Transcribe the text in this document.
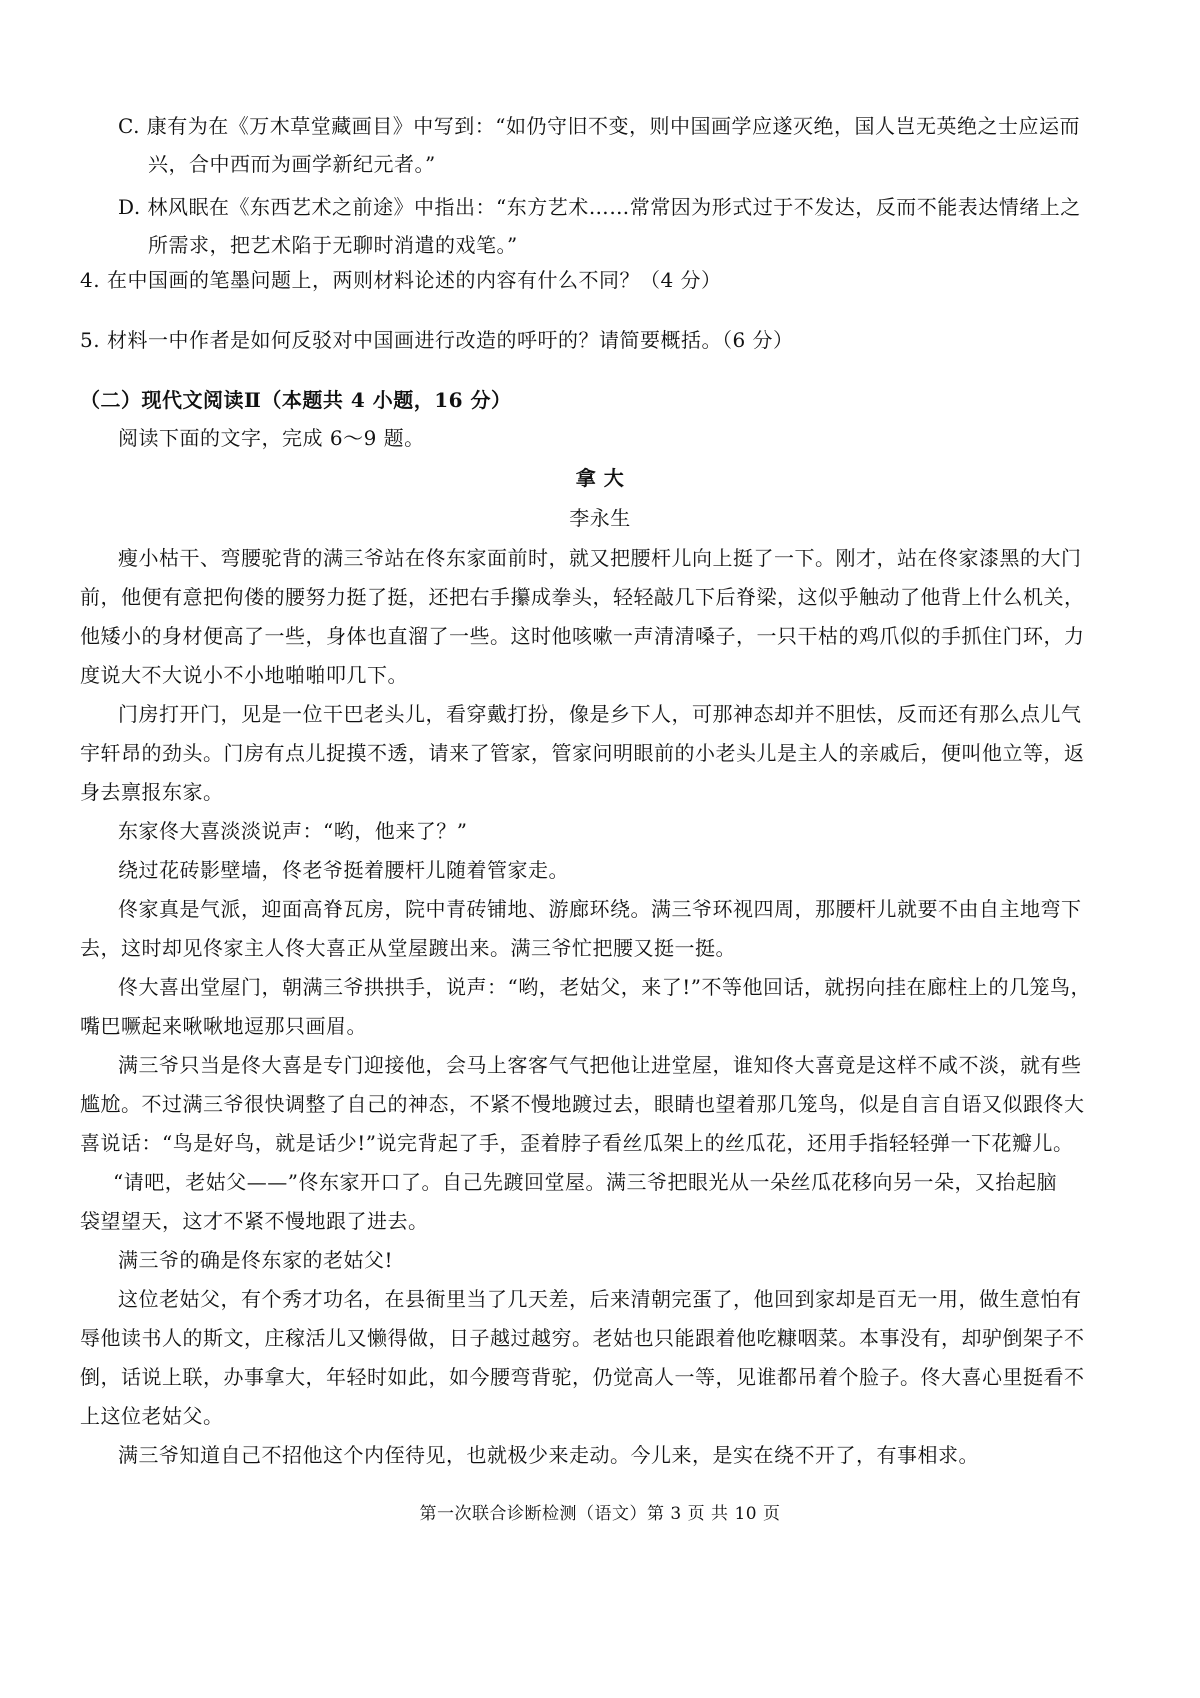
C. 康有为在《万木草堂藏画目》中写到：“如仍守旧不变，则中国画学应遂灭绝，国人岂无英绝之士应运而
兴，合中西而为画学新纪元者。”
D. 林风眠在《东西艺术之前途》中指出：“东方艺术……常常因为形式过于不发达，反而不能表达情绪上之
所需求，把艺术陷于无聊时消遣的戏笔。”
4. 在中国画的笔墨问题上，两则材料论述的内容有什么不同？（4 分）
5. 材料一中作者是如何反驳对中国画进行改造的呼吁的？请简要概括。（6 分）
（二）现代文阅读Ⅱ（本题共 4 小题，16 分）
阅读下面的文字，完成 6～9 题。
拿 大
李永生
瘦小枯干、弯腰驼背的满三爷站在佟东家面前时，就又把腰杆儿向上挺了一下。刚才，站在佟家漆黑的大门
前，他便有意把佝偻的腰努力挺了挺，还把右手攥成拳头，轻轻敲几下后脊梁，这似乎触动了他背上什么机关，
他矮小的身材便高了一些，身体也直溜了一些。这时他咳嗽一声清清嗓子，一只干枯的鸡爪似的手抓住门环，力
度说大不大说小不小地啪啪叩几下。
门房打开门，见是一位干巴老头儿，看穿戴打扮，像是乡下人，可那神态却并不胆怯，反而还有那么点儿气
宇轩昂的劲头。门房有点儿捉摸不透，请来了管家，管家问明眼前的小老头儿是主人的亲戚后，便叫他立等，返
身去禀报东家。
东家佟大喜淡淡说声：“哟，他来了？”
绕过花砖影壁墙，佟老爷挺着腰杆儿随着管家走。
佟家真是气派，迎面高脊瓦房，院中青砖铺地、游廊环绕。满三爷环视四周，那腰杆儿就要不由自主地弯下
去，这时却见佟家主人佟大喜正从堂屋踱出来。满三爷忙把腰又挺一挺。
佟大喜出堂屋门，朝满三爷拱拱手，说声：“哟，老姑父，来了!”不等他回话，就拐向挂在廊柱上的几笼鸟，
嘴巴噘起来啾啾地逗那只画眉。
满三爷只当是佟大喜是专门迎接他，会马上客客气气把他让进堂屋，谁知佟大喜竟是这样不咸不淡，就有些
尴尬。不过满三爷很快调整了自己的神态，不紧不慢地踱过去，眼睛也望着那几笼鸟，似是自言自语又似跟佟大
喜说话：“鸟是好鸟，就是话少!”说完背起了手，歪着脖子看丝瓜架上的丝瓜花，还用手指轻轻弹一下花瓣儿。
“请吧，老姑父——”佟东家开口了。自己先踱回堂屋。满三爷把眼光从一朵丝瓜花移向另一朵，又抬起脑
袋望望天，这才不紧不慢地跟了进去。
满三爷的确是佟东家的老姑父!
这位老姑父，有个秀才功名，在县衙里当了几天差，后来清朝完蛋了，他回到家却是百无一用，做生意怕有
辱他读书人的斯文，庄稼活儿又懒得做，日子越过越穷。老姑也只能跟着他吃糠咽菜。本事没有，却驴倒架子不
倒，话说上联，办事拿大，年轻时如此，如今腰弯背驼，仍觉高人一等，见谁都吊着个脸子。佟大喜心里挺看不
上这位老姑父。
满三爷知道自己不招他这个内侄待见，也就极少来走动。今儿来，是实在绕不开了，有事相求。
第一次联合诊断检测（语文）第 3 页 共 10 页
